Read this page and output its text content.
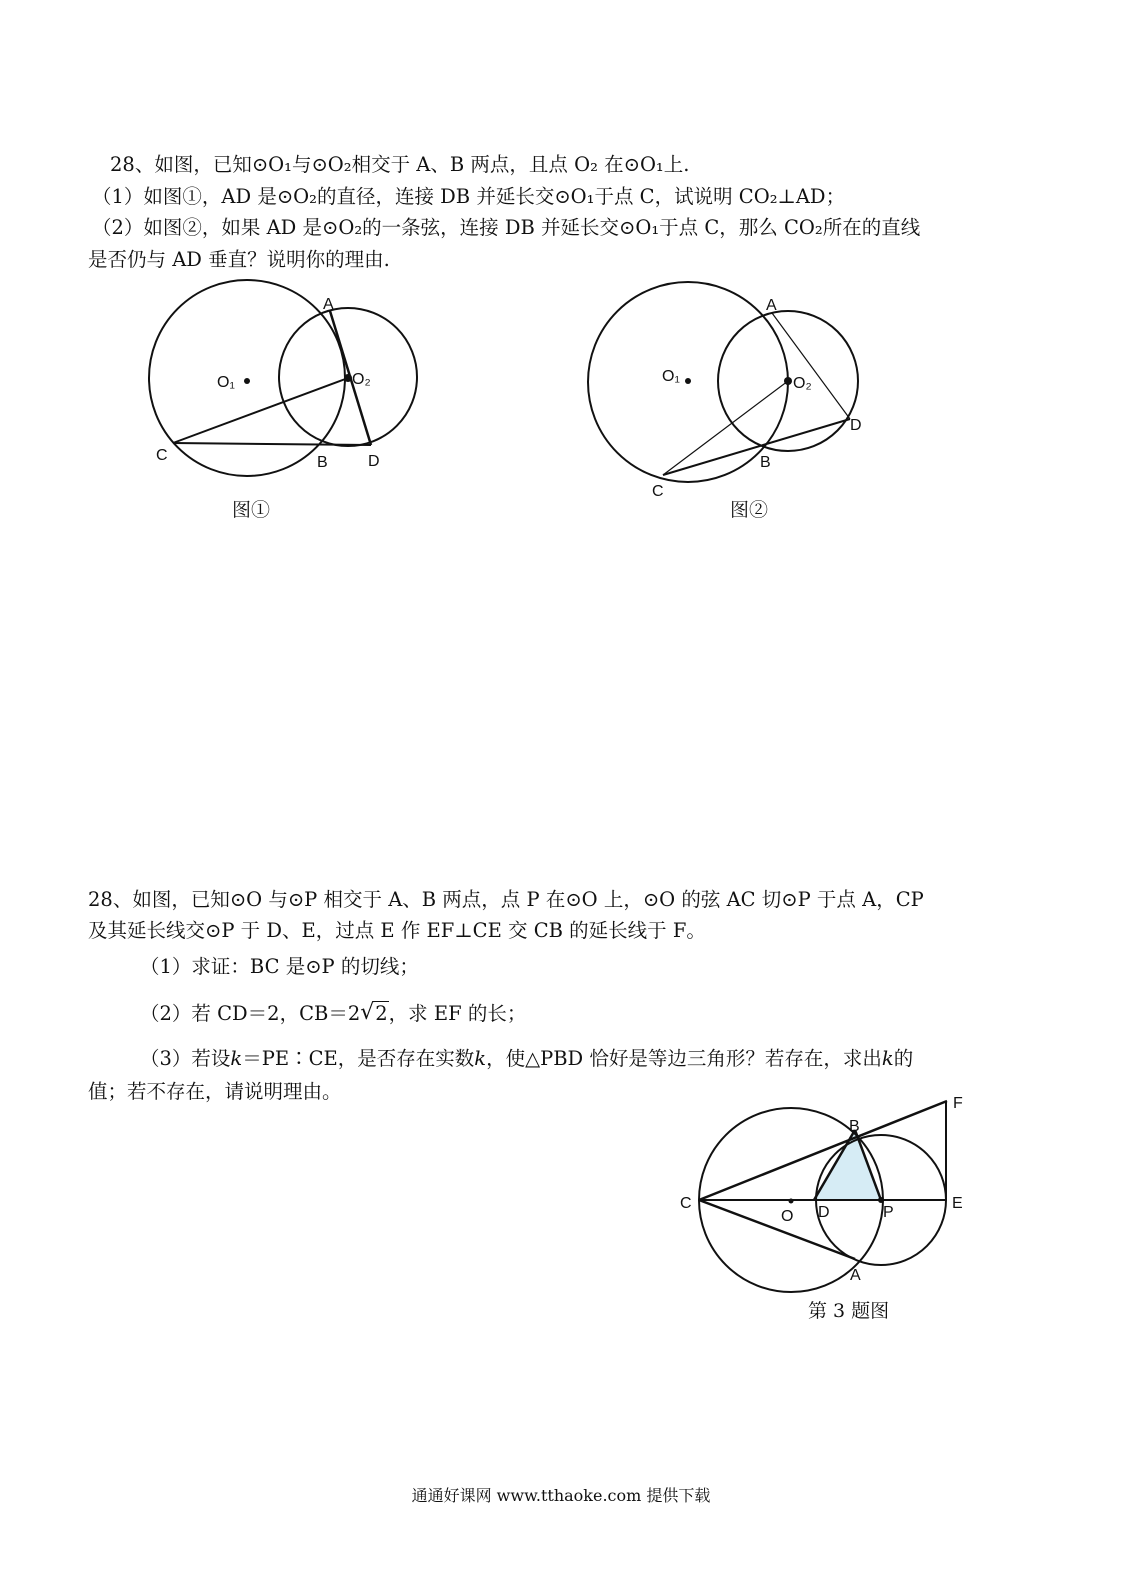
28、如图，已知⊙O₁与⊙O₂相交于 A、B 两点，且点 O₂ 在⊙O₁上.
（1）如图①，AD 是⊙O₂的直径，连接 DB 并延长交⊙O₁于点 C，试说明 CO₂⊥AD；
（2）如图②，如果 AD 是⊙O₂的一条弦，连接 DB 并延长交⊙O₁于点 C，那么 CO₂所在的直线
是否仍与 AD 垂直？说明你的理由.
A
O₁	O₂
C	B	D
图①
A
O₁	O₂
C
B
D
图②
28、如图，已知⊙O 与⊙P 相交于 A、B 两点，点 P 在⊙O 上，⊙O 的弦 AC 切⊙P 于点 A，CP
及其延长线交⊙P 于 D、E，过点 E 作 EF⊥CE 交 CB 的延长线于 F。
（1）求证：BC 是⊙P 的切线；
（2）若 CD＝2，CB＝2 √ 2，求 EF 的长；
（3）若设k＝PE∶CE，是否存在实数k，使△PBD 恰好是等边三角形？若存在，求出k的
值；若不存在，请说明理由。
B
F
C
O D	P
E
A
第 3 题图
通通好课网 www.tthaoke.com 提供下载
